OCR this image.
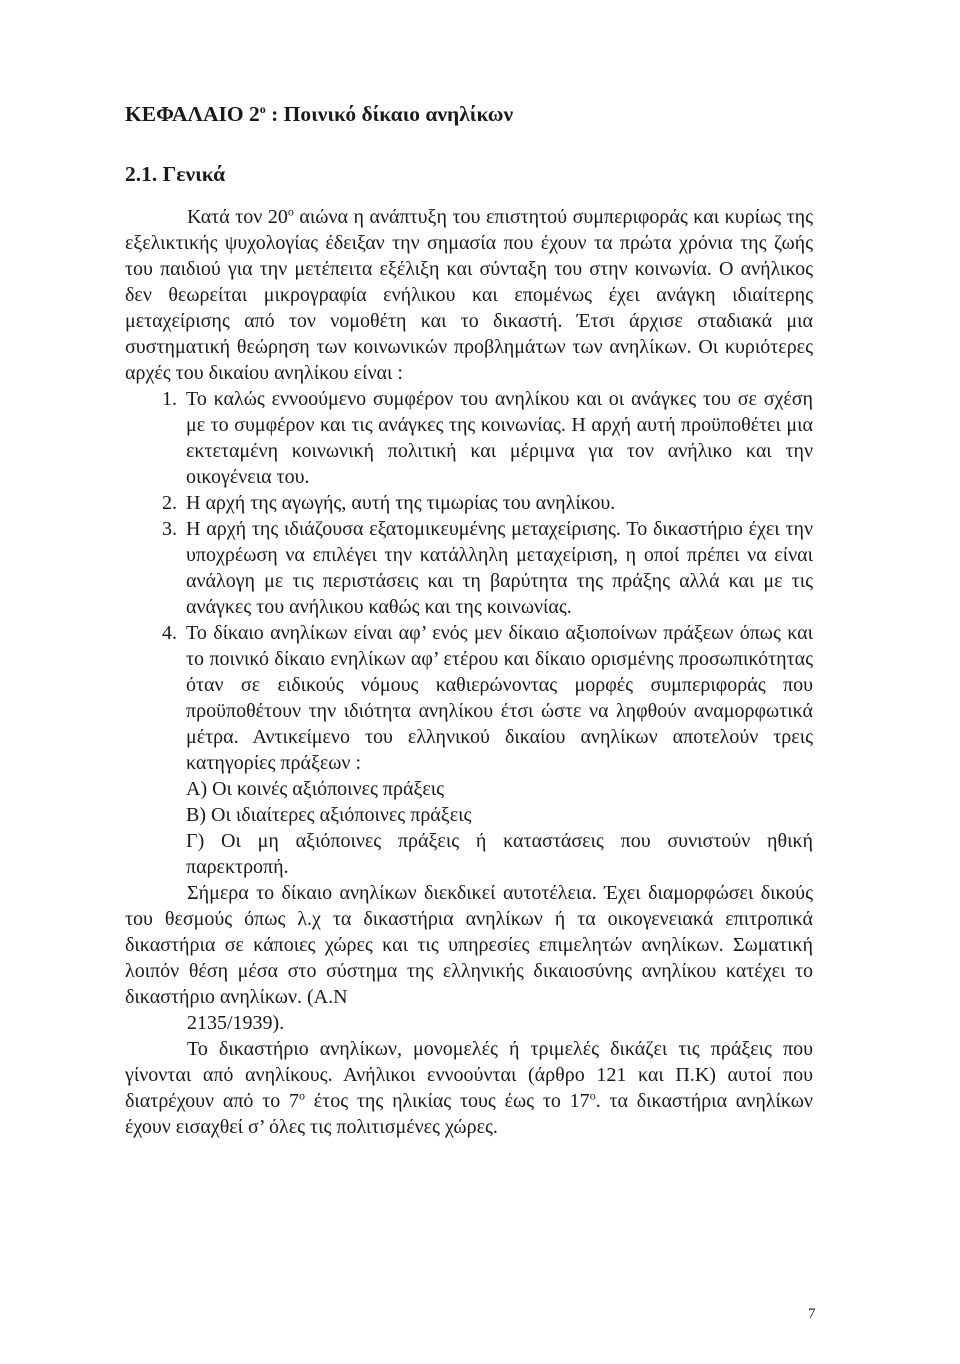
ΚΕΦΑΛΑΙΟ $2^o$ : Ποινικό δίκαιο ανηλίκων
2.1. Γενικά

Κατά τον $20^o$ αιώνα η ανάπτυξη του επιστητού συμπεριφοράς και κυρίως της εξελικτικής ψυχολογίας έδειξαν την σημασία που έχουν τα πρώτα χρόνια της ζωής του παιδιού για την μετέπειτα εξέλιξη και σύνταξη του στην κοινωνία. Ο ανήλικος δεν θεωρείται μικρογραφία ενήλικου και επομένως έχει ανάγκη ιδιαίτερης μεταχείρισης από τον νομοθέτη και το δικαστή. Έτσι άρχισε σταδιακά μια συστηματική θεώρηση των κοινωνικών προβλημάτων των ανηλίκων. Οι κυριότερες αρχές του δικαίου ανηλίκου είναι :

1. Το καλώς εννοούμενο συμφέρον του ανηλίκου και οι ανάγκες του σε σχέση με το συμφέρον και τις ανάγκες της κοινωνίας. Η αρχή αυτή προϋποθέτει μια εκτεταμένη κοινωνική πολιτική και μέριμνα για τον ανήλικο και την οικογένεια του.
2. Η αρχή της αγωγής, αυτή της τιμωρίας του ανηλίκου.
3. Η αρχή της ιδιάζουσα εξατομικευμένης μεταχείρισης. Το δικαστήριο έχει την υποχρέωση να επιλέγει την κατάλληλη μεταχείριση, η οποί πρέπει να είναι ανάλογη με τις περιστάσεις και τη βαρύτητα της πράξης αλλά και με τις ανάγκες του ανήλικου καθώς και της κοινωνίας.
4. Το δίκαιο ανηλίκων είναι αφ’ ενός μεν δίκαιο αξιοποίνων πράξεων όπως και το ποινικό δίκαιο ενηλίκων αφ’ ετέρου και δίκαιο ορισμένης προσωπικότητας όταν σε ειδικούς νόμους καθιερώνοντας μορφές συμπεριφοράς που προϋποθέτουν την ιδιότητα ανηλίκου έτσι ώστε να ληφθούν αναμορφωτικά μέτρα. Αντικείμενο του ελληνικού δικαίου ανηλίκων αποτελούν τρεις κατηγορίες πράξεων :
Α) Οι κοινές αξιόποινες πράξεις
Β) Οι ιδιαίτερες αξιόποινες πράξεις
Γ) Οι μη αξιόποινες πράξεις ή καταστάσεις που συνιστούν ηθική παρεκτροπή.

Σήμερα το δίκαιο ανηλίκων διεκδικεί αυτοτέλεια. Έχει διαμορφώσει δικούς του θεσμούς όπως λ.χ τα δικαστήρια ανηλίκων ή τα οικογενειακά επιτροπικά δικαστήρια σε κάποιες χώρες και τις υπηρεσίες επιμελητών ανηλίκων. Σωματική λοιπόν θέση μέσα στο σύστημα της ελληνικής δικαιοσύνης ανηλίκου κατέχει το δικαστήριο ανηλίκων. (Α.Ν
2135/1939).

Το δικαστήριο ανηλίκων, μονομελές ή τριμελές δικάζει τις πράξεις που γίνονται από ανηλίκους. Ανήλικοι εννοούνται (άρθρο 121 και Π.Κ) αυτοί που διατρέχουν από το $7^o$ έτος της ηλικίας τους έως το $17^o$. τα δικαστήρια ανηλίκων έχουν εισαχθεί σ’ όλες τις πολιτισμένες χώρες.

7
